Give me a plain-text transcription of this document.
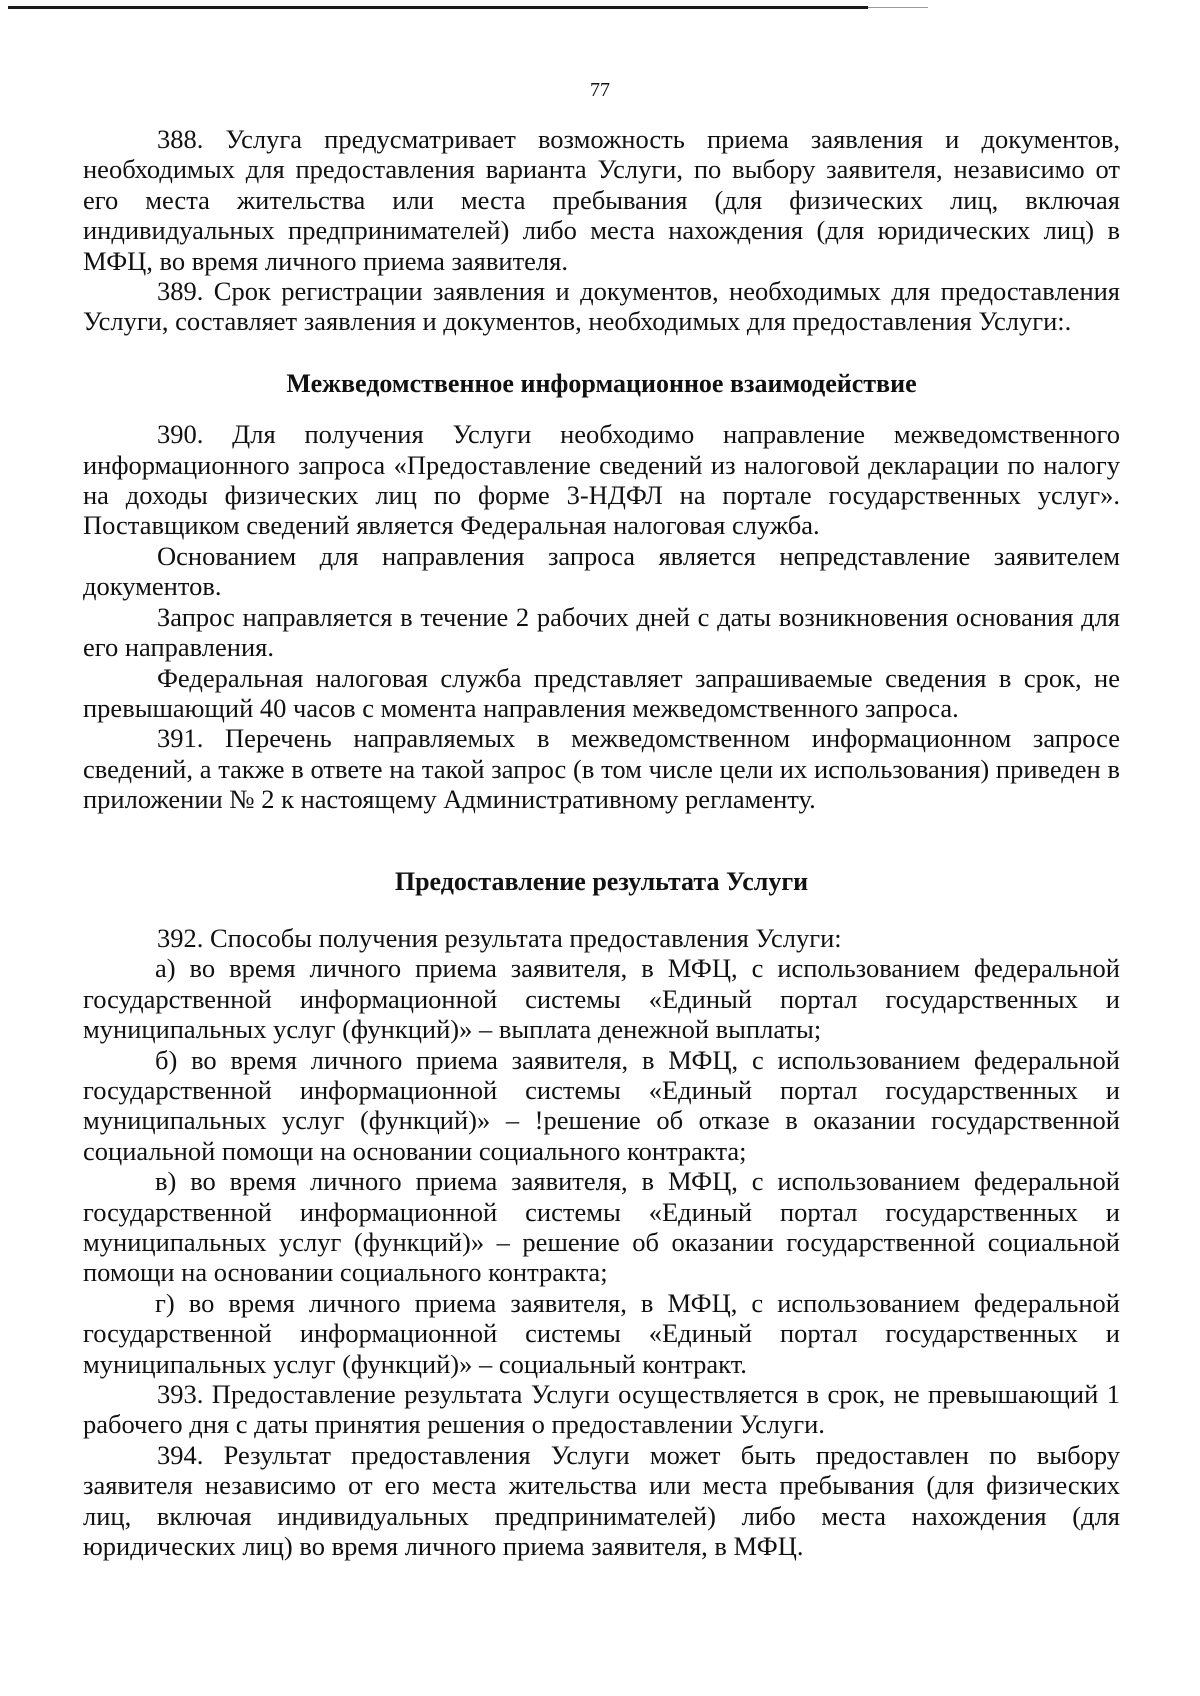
77

388. Услуга предусматривает возможность приема заявления и документов, необходимых для предоставления варианта Услуги, по выбору заявителя, независимо от его места жительства или места пребывания (для физических лиц, включая индивидуальных предпринимателей) либо места нахождения (для юридических лиц) в МФЦ, во время личного приема заявителя.

389. Срок регистрации заявления и документов, необходимых для предоставления Услуги, составляет заявления и документов, необходимых для предоставления Услуги:.

Межведомственное информационное взаимодействие

390. Для получения Услуги необходимо направление межведомственного информационного запроса «Предоставление сведений из налоговой декларации по налогу на доходы физических лиц по форме 3-НДФЛ на портале государственных услуг». Поставщиком сведений является Федеральная налоговая служба.

Основанием для направления запроса является непредставление заявителем документов.

Запрос направляется в течение 2 рабочих дней с даты возникновения основания для его направления.

Федеральная налоговая служба представляет запрашиваемые сведения в срок, не превышающий 40 часов с момента направления межведомственного запроса.

391. Перечень направляемых в межведомственном информационном запросе сведений, а также в ответе на такой запрос (в том числе цели их использования) приведен в приложении № 2 к настоящему Административному регламенту.

Предоставление результата Услуги

392. Способы получения результата предоставления Услуги:

а) во время личного приема заявителя, в МФЦ, с использованием федеральной государственной информационной системы «Единый портал государственных и муниципальных услуг (функций)» – выплата денежной выплаты;

б) во время личного приема заявителя, в МФЦ, с использованием федеральной государственной информационной системы «Единый портал государственных и муниципальных услуг (функций)» – !решение об отказе в оказании государственной социальной помощи на основании социального контракта;

в) во время личного приема заявителя, в МФЦ, с использованием федеральной государственной информационной системы «Единый портал государственных и муниципальных услуг (функций)» – решение об оказании государственной социальной помощи на основании социального контракта;

г) во время личного приема заявителя, в МФЦ, с использованием федеральной государственной информационной системы «Единый портал государственных и муниципальных услуг (функций)» – социальный контракт.

393. Предоставление результата Услуги осуществляется в срок, не превышающий 1 рабочего дня с даты принятия решения о предоставлении Услуги.

394. Результат предоставления Услуги может быть предоставлен по выбору заявителя независимо от его места жительства или места пребывания (для физических лиц, включая индивидуальных предпринимателей) либо места нахождения (для юридических лиц) во время личного приема заявителя, в МФЦ.
